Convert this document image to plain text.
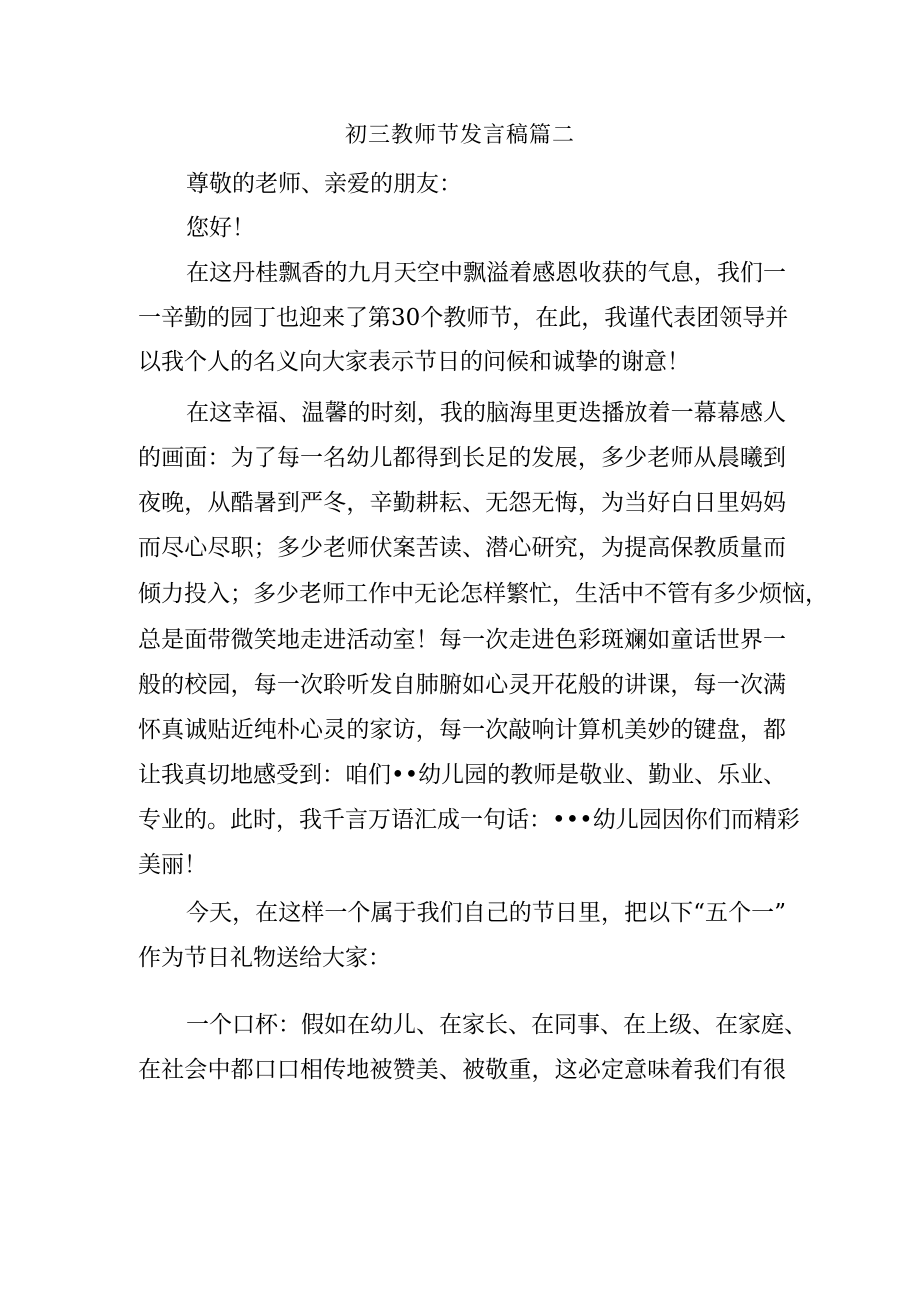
初三教师节发言稿篇二
尊敬的老师、亲爱的朋友：
您好！
在这丹桂飘香的九月天空中飘溢着感恩收获的气息，我们一
一辛勤的园丁也迎来了第30个教师节，在此，我谨代表团领导并
以我个人的名义向大家表示节日的问候和诚挚的谢意！
在这幸福、温馨的时刻，我的脑海里更迭播放着一幕幕感人
的画面：为了每一名幼儿都得到长足的发展，多少老师从晨曦到
夜晚，从酷暑到严冬，辛勤耕耘、无怨无悔，为当好白日里妈妈
而尽心尽职；多少老师伏案苦读、潜心研究，为提高保教质量而
倾力投入；多少老师工作中无论怎样繁忙，生活中不管有多少烦恼，
总是面带微笑地走进活动室！每一次走进色彩斑斓如童话世界一
般的校园，每一次聆听发自肺腑如心灵开花般的讲课，每一次满
怀真诚贴近纯朴心灵的家访，每一次敲响计算机美妙的键盘，都
让我真切地感受到：咱们••幼儿园的教师是敬业、勤业、乐业、
专业的。此时，我千言万语汇成一句话：•••幼儿园因你们而精彩
美丽！
今天，在这样一个属于我们自己的节日里，把以下“五个一”
作为节日礼物送给大家：
一个口杯：假如在幼儿、在家长、在同事、在上级、在家庭、
在社会中都口口相传地被赞美、被敬重，这必定意味着我们有很
